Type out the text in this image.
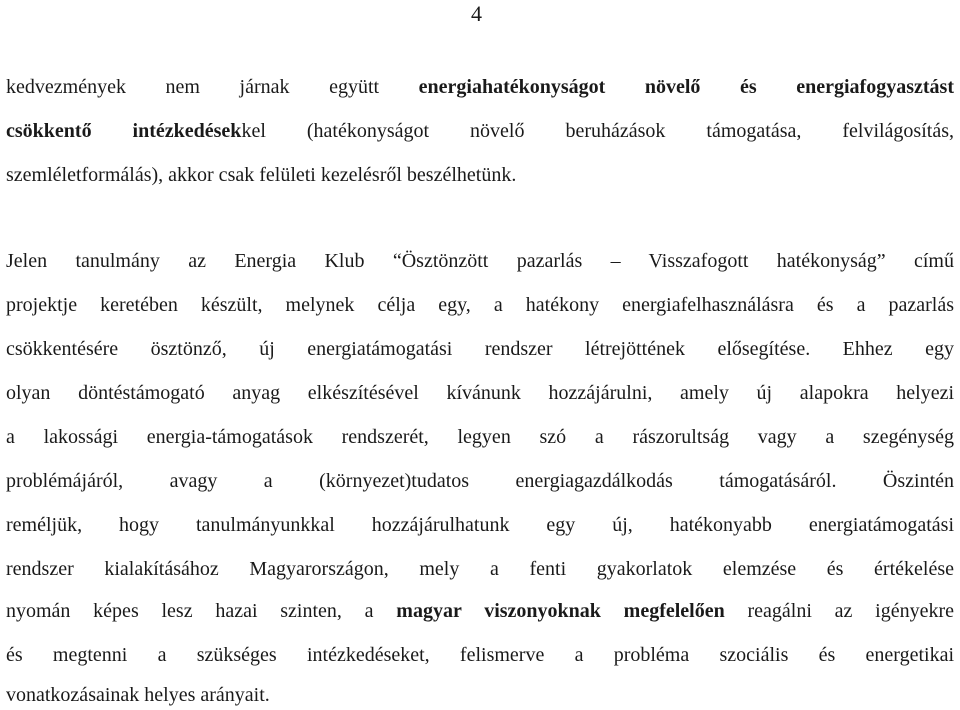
4
kedvezmények nem járnak együtt energiahatékonyságot növelő és energiafogyasztást
csökkentő intézkedésekkel (hatékonyságot növelő beruházások támogatása, felvilágosítás,
szemléletformálás), akkor csak felületi kezelésről beszélhetünk.
Jelen tanulmány az Energia Klub “Ösztönzött pazarlás – Visszafogott hatékonyság” című
projektje keretében készült, melynek célja egy, a hatékony energiafelhasználásra és a pazarlás
csökkentésére ösztönző, új energiatámogatási rendszer létrejöttének elősegítése. Ehhez egy
olyan döntéstámogató anyag elkészítésével kívánunk hozzájárulni, amely új alapokra helyezi
a lakossági energia-támogatások rendszerét, legyen szó a rászorultság vagy a szegénység
problémájáról, avagy a (környezet)tudatos energiagazdálkodás támogatásáról. Öszintén
reméljük, hogy tanulmányunkkal hozzájárulhatunk egy új, hatékonyabb energiatámogatási
rendszer kialakításához Magyarországon, mely a fenti gyakorlatok elemzése és értékelése
nyomán képes lesz hazai szinten, a magyar viszonyoknak megfelelően reagálni az igényekre
és megtenni a szükséges intézkedéseket, felismerve a probléma szociális és energetikai
vonatkozásainak helyes arányait.
